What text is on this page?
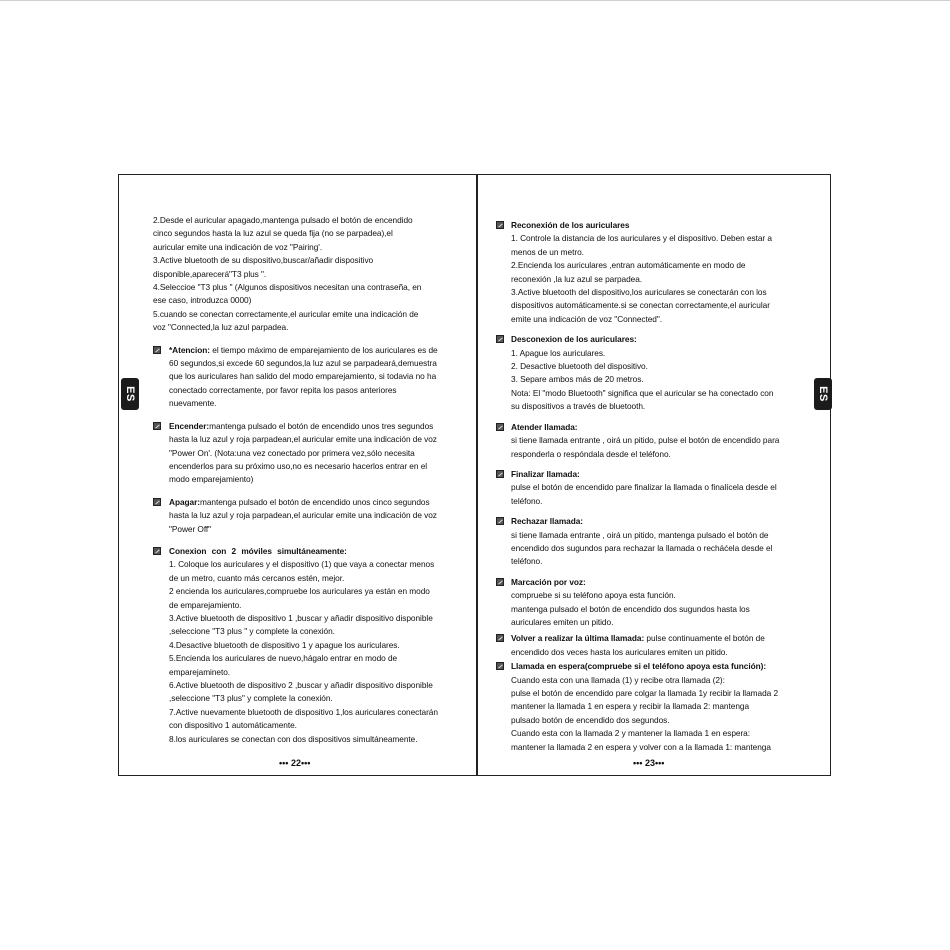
ES

2.Desde el auricular apagado,mantenga pulsado el botón de encendido

cinco segundos hasta la luz azul se queda fija (no se parpadea),el

auricular emite una indicación de voz "Pairing'.

3.Active bluetooth de su dispositivo,buscar/añadir dispositivo

disponible,aparecerá"T3 plus ".

4.Seleccioe "T3 plus " (Algunos dispositivos necesitan una contraseña, en

ese caso, introduzca 0000)

5.cuando se conectan correctamente,el auricular emite una indicación de

voz "Connected,la luz azul parpadea.

*Atencion: el tiempo máximo de emparejamiento de los auriculares es de

60 segundos,si excede 60 segundos,la luz azul se parpadeará,demuestra

que los auriculares han salido del modo emparejamiento, si todavia no ha

conectado correctamente, por favor repita los pasos anteriores

nuevamente.

Encender:mantenga pulsado el botón de encendido unos tres segundos

hasta la luz azul y roja parpadean,el auricular emite una indicación de voz

"Power On'. (Nota:una vez conectado por primera vez,sólo necesita

encenderlos para su próximo uso,no es necesario hacerlos entrar en el

modo emparejamiento)

Apagar:mantenga pulsado el botón de encendido unos cinco segundos

hasta la luz azul y roja parpadean,el auricular emite una indicación de voz

"Power Off"

Conexion con 2 móviles simultáneamente:

1. Coloque los auriculares y el dispositivo (1) que vaya a conectar menos

de un metro, cuanto más cercanos estén, mejor.

2 encienda los auriculares,compruebe los auriculares ya están en modo

de emparejamiento.

3.Active bluetooth de dispositivo 1 ,buscar y añadir dispositivo disponible

,seleccione "T3 plus " y complete la conexión.

4.Desactive bluetooth de dispositivo 1 y apague los auriculares.

5.Encienda los auriculares de nuevo,hágalo entrar en modo de

emparejamineto.

6.Active bluetooth de dispositivo 2 ,buscar y añadir dispositivo disponible

,seleccione "T3 plus" y complete la conexión.

7.Active nuevamente bluetooth de dispositivo 1,los auriculares conectarán

con dispositivo 1 automáticamente.

8.los auriculares se conectan con dos dispositivos simultáneamente.

••• 22•••
ES

Reconexión de los auriculares

1. Controle la distancia de los auriculares y el dispositivo. Deben estar a

menos de un metro.

2.Encienda los auriculares ,entran automáticamente en modo de

reconexión ,la luz azul se parpadea.

3.Active bluetooth del dispositivo,los auriculares se conectarán con los

dispositivos automáticamente.si se conectan correctamente,el auricular

emite una indicación de voz "Connected".

Desconexion de los auriculares:

1. Apague los auriculares.

2. Desactive bluetooth del dispositivo.

3. Separe ambos más de 20 metros.

Nota: El "modo Bluetooth" significa que el auricular se ha conectado con

su dispositivos a través de bluetooth.

Atender llamada:

si tiene llamada entrante , oirá un pitido, pulse el botón de encendido para

responderla o respóndala desde el teléfono.

Finalizar llamada:

pulse el botón de encendido pare finalizar la llamada o finalícela desde el

teléfono.

Rechazar llamada:

si tiene llamada entrante , oirá un pitido, mantenga pulsado el botón de

encendido dos sugundos para rechazar la llamada o recháćela desde el

teléfono.

Marcación por voz:

compruebe si su teléfono apoya esta función.

mantenga pulsado el botón de encendido dos sugundos hasta los

auriculares emiten un pitido.

Volver a realizar la última llamada: pulse continuamente el botón de

encendido dos veces hasta los auriculares emiten un pitido.

Llamada en espera(compruebe si el teléfono apoya esta función):

Cuando esta con una llamada (1) y recibe otra llamada (2):

pulse el botón de encendido pare colgar la llamada 1y recibir la llamada 2

mantener la llamada 1 en espera y recibir la llamada 2: mantenga

pulsado botón de encendido dos segundos.

Cuando esta con la llamada 2 y mantener la llamada 1 en espera:

mantener la llamada 2 en espera y volver con a la llamada 1: mantenga

••• 23•••
